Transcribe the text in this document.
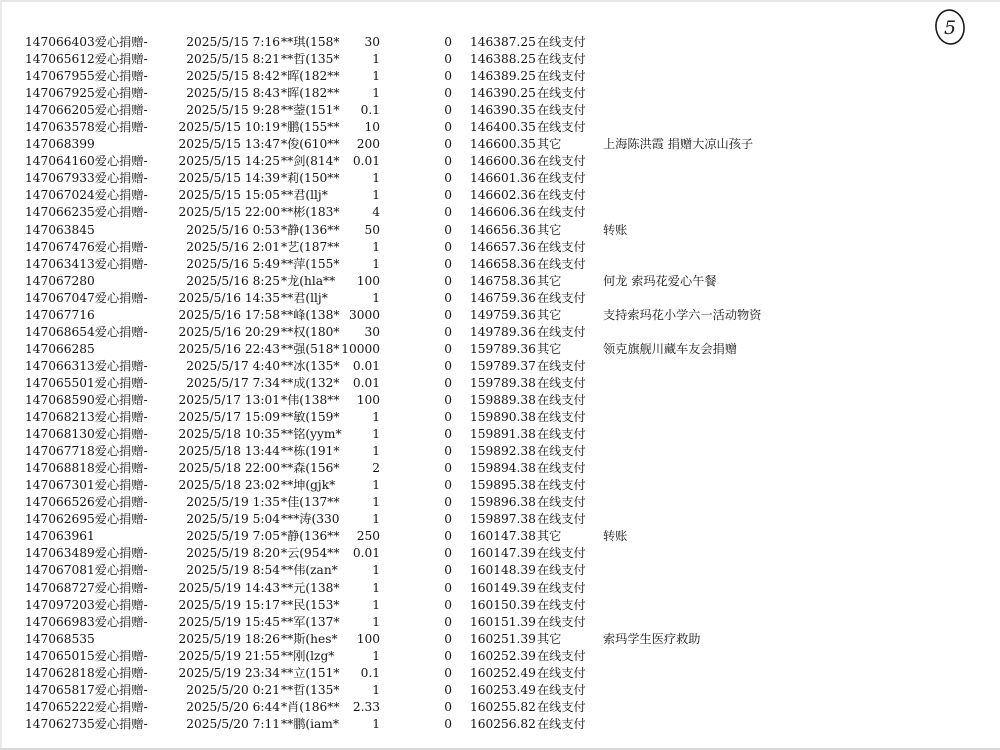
5
147066403爱心捐赠-	2025/5/15 7:16 **琪(158*	30	0 146387.25 在线支付
147065612爱心捐赠-	2025/5/15 8:21 **哲(135*	1	0 146388.25 在线支付
147067955爱心捐赠-	2025/5/15 8:42 *晖(182**	1	0 146389.25 在线支付
147067925爱心捐赠-	2025/5/15 8:43 *晖(182**	1	0 146390.25 在线支付
147066205爱心捐赠-	2025/5/15 9:28 **蓥(151*	0.1	0 146390.35 在线支付
147063578爱心捐赠-	2025/5/15 10:19 *鹏(155**	10	0 146400.35 在线支付
147068399	2025/5/15 13:47 *俊(610**	200	0 146600.35 其它	上海陈洪霞 捐赠大凉山孩子
147064160爱心捐赠-	2025/5/15 14:25 **剑(814*	0.01	0 146600.36 在线支付
147067933爱心捐赠-	2025/5/15 14:39 *莉(150**	1	0 146601.36 在线支付
147067024爱心捐赠-	2025/5/15 15:05 **君(llj*	1	0 146602.36 在线支付
147066235爱心捐赠-	2025/5/15 22:00 **彬(183*	4	0 146606.36 在线支付
147063845	2025/5/16 0:53 *静(136**	50	0 146656.36 其它	转账
147067476爱心捐赠-	2025/5/16 2:01 *艺(187**	1	0 146657.36 在线支付
147063413爱心捐赠-	2025/5/16 5:49 **萍(155*	1	0 146658.36 在线支付
147067280	2025/5/16 8:25 *龙(hla**	100	0 146758.36 其它	何龙 索玛花爱心午餐
147067047爱心捐赠-	2025/5/16 14:35 **君(llj*	1	0 146759.36 在线支付
147067716	2025/5/16 17:58 **峰(138* 3000	0 149759.36 其它	支持索玛花小学六一活动物资
147068654爱心捐赠-	2025/5/16 20:29 **权(180*	30	0 149789.36 在线支付
147066285	2025/5/16 22:43 **强(518* 10000	0 159789.36 其它	领克旗舰川藏车友会捐赠
147066313爱心捐赠-	2025/5/17 4:40 **冰(135*	0.01	0 159789.37 在线支付
147065501爱心捐赠-	2025/5/17 7:34 **成(132*	0.01	0 159789.38 在线支付
147068590爱心捐赠-	2025/5/17 13:01 *伟(138**	100	0 159889.38 在线支付
147068213爱心捐赠-	2025/5/17 15:09 **敏(159*	1	0 159890.38 在线支付
147068130爱心捐赠-	2025/5/18 10:35 **铭(yym*	1	0 159891.38 在线支付
147067718爱心捐赠-	2025/5/18 13:44 **栋(191*	1	0 159892.38 在线支付
147068818爱心捐赠-	2025/5/18 22:00 **森(156*	2	0 159894.38 在线支付
147067301爱心捐赠-	2025/5/18 23:02 **坤(gjk*	1	0 159895.38 在线支付
147066526爱心捐赠-	2025/5/19 1:35 *佳(137**	1	0 159896.38 在线支付
147062695爱心捐赠-	2025/5/19 5:04 ***涛(330	1	0 159897.38 在线支付
147063961	2025/5/19 7:05 *静(136**	250	0 160147.38 其它	转账
147063489爱心捐赠-	2025/5/19 8:20 *云(954**	0.01	0 160147.39 在线支付
147067081爱心捐赠-	2025/5/19 8:54 **伟(zan*	1	0 160148.39 在线支付
147068727爱心捐赠-	2025/5/19 14:43 **元(138*	1	0 160149.39 在线支付
147097203爱心捐赠-	2025/5/19 15:17 **民(153*	1	0 160150.39 在线支付
147066983爱心捐赠-	2025/5/19 15:45 **军(137*	1	0 160151.39 在线支付
147068535	2025/5/19 18:26 **斯(hes*	100	0 160251.39 其它	索玛学生医疗救助
147065015爱心捐赠-	2025/5/19 21:55 **刚(lzg*	1	0 160252.39 在线支付
147062818爱心捐赠-	2025/5/19 23:34 **立(151*	0.1	0 160252.49 在线支付
147065817爱心捐赠-	2025/5/20 0:21 **哲(135*	1	0 160253.49 在线支付
147065222爱心捐赠-	2025/5/20 6:44 *肖(186**	2.33	0 160255.82 在线支付
147062735爱心捐赠-	2025/5/20 7:11 **鹏(iam*	1	0 160256.82 在线支付
